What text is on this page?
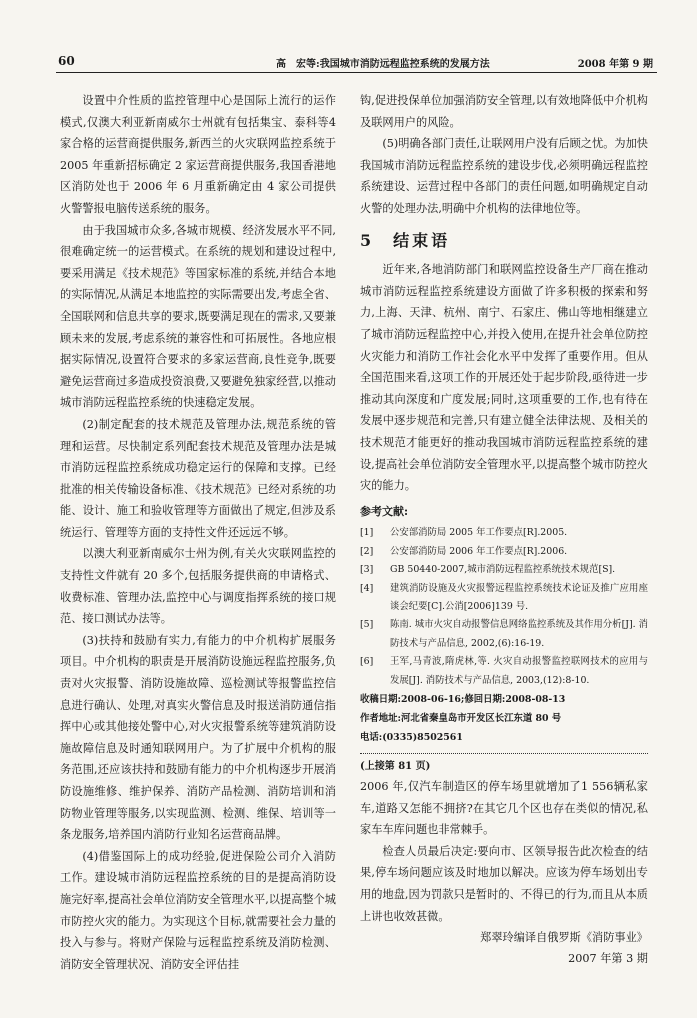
60	高　宏等:我国城市消防远程监控系统的发展方法	2008 年第 9 期

设置中介性质的监控管理中心是国际上流行的运作模式,仅澳大利亚新南威尔士州就有包括集宝、泰科等4家合格的运营商提供服务,新西兰的火灾联网监控系统于 2005 年重新招标确定 2 家运营商提供服务,我国香港地区消防处也于 2006 年 6 月重新确定由 4 家公司提供火警警报电脑传送系统的服务。

由于我国城市众多,各城市规模、经济发展水平不同,很难确定统一的运营模式。在系统的规划和建设过程中,要采用满足《技术规范》等国家标准的系统,并结合本地的实际情况,从满足本地监控的实际需要出发,考虑全省、全国联网和信息共享的要求,既要满足现在的需求,又要兼顾未来的发展,考虑系统的兼容性和可拓展性。各地应根据实际情况,设置符合要求的多家运营商,良性竞争,既要避免运营商过多造成投资浪费,又要避免独家经营,以推动城市消防远程监控系统的快速稳定发展。

(2)制定配套的技术规范及管理办法,规范系统的管理和运营。尽快制定系列配套技术规范及管理办法是城市消防远程监控系统成功稳定运行的保障和支撑。已经批准的相关传输设备标准、《技术规范》已经对系统的功能、设计、施工和验收管理等方面做出了规定,但涉及系统运行、管理等方面的支持性文件还远远不够。

以澳大利亚新南威尔士州为例,有关火灾联网监控的支持性文件就有 20 多个,包括服务提供商的申请格式、收费标准、管理办法,监控中心与调度指挥系统的接口规范、接口测试办法等。

(3)扶持和鼓励有实力,有能力的中介机构扩展服务项目。中介机构的职责是开展消防设施远程监控服务,负责对火灾报警、消防设施故障、巡检测试等报警监控信息进行确认、处理,对真实火警信息及时报送消防通信指挥中心或其他接处警中心,对火灾报警系统等建筑消防设施故障信息及时通知联网用户。为了扩展中介机构的服务范围,还应该扶持和鼓励有能力的中介机构逐步开展消防设施维修、维护保养、消防产品检测、消防培训和消防物业管理等服务,以实现监测、检测、维保、培训等一条龙服务,培养国内消防行业知名运营商品牌。

(4)借鉴国际上的成功经验,促进保险公司介入消防工作。建设城市消防远程监控系统的目的是提高消防设施完好率,提高社会单位消防安全管理水平,以提高整个城市防控火灾的能力。为实现这个目标,就需要社会力量的投入与参与。将财产保险与远程监控系统及消防检测、消防安全管理状况、消防安全评估挂

钩,促进投保单位加强消防安全管理,以有效地降低中介机构及联网用户的风险。

(5)明确各部门责任,让联网用户没有后顾之忧。为加快我国城市消防远程监控系统的建设步伐,必须明确远程监控系统建设、运营过程中各部门的责任问题,如明确规定自动火警的处理办法,明确中介机构的法律地位等。

5　结束语

近年来,各地消防部门和联网监控设备生产厂商在推动城市消防远程监控系统建设方面做了许多积极的探索和努力,上海、天津、杭州、南宁、石家庄、佛山等地相继建立了城市消防远程监控中心,并投入使用,在提升社会单位防控火灾能力和消防工作社会化水平中发挥了重要作用。但从全国范围来看,这项工作的开展还处于起步阶段,亟待进一步推动其向深度和广度发展;同时,这项重要的工作,也有待在发展中逐步规范和完善,只有建立健全法律法规、及相关的技术规范才能更好的推动我国城市消防远程监控系统的建设,提高社会单位消防安全管理水平,以提高整个城市防控火灾的能力。

参考文献:
[1] 公安部消防局 2005 年工作要点[R].2005.
[2] 公安部消防局 2006 年工作要点[R].2006.
[3] GB 50440-2007,城市消防远程监控系统技术规范[S].
[4] 建筑消防设施及火灾报警远程监控系统技术论证及推广应用座谈会纪要[C].公消[2006]139 号.
[5] 陈南. 城市火灾自动报警信息网络监控系统及其作用分析[J]. 消防技术与产品信息, 2002,(6):16-19.
[6] 王军,马青波,隋虎林,等. 火灾自动报警监控联网技术的应用与发展[J]. 消防技术与产品信息, 2003,(12):8-10.
收稿日期:2008-06-16;修回日期:2008-08-13
作者地址:河北省秦皇岛市开发区长江东道 80 号
电话:(0335)8502561
(上接第 81 页)

2006 年,仅汽车制造区的停车场里就增加了1 556辆私家车,道路又怎能不拥挤?在其它几个区也存在类似的情况,私家车车库问题也非常棘手。

检查人员最后决定:要向市、区领导报告此次检查的结果,停车场问题应该及时地加以解决。应该为停车场划出专用的地盘,因为罚款只是暂时的、不得已的行为,而且从本质上讲也收效甚微。

郑翠玲编译自俄罗斯《消防事业》
2007 年第 3 期
